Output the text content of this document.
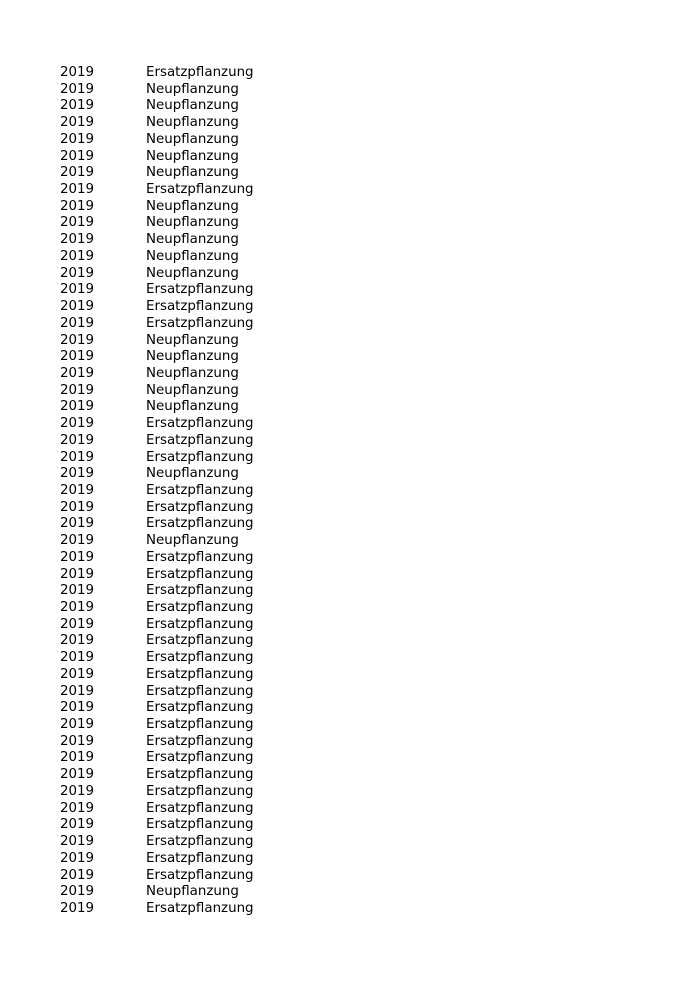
2019	Ersatzpflanzung
2019	Neupflanzung
2019	Neupflanzung
2019	Neupflanzung
2019	Neupflanzung
2019	Neupflanzung
2019	Neupflanzung
2019	Ersatzpflanzung
2019	Neupflanzung
2019	Neupflanzung
2019	Neupflanzung
2019	Neupflanzung
2019	Neupflanzung
2019	Ersatzpflanzung
2019	Ersatzpflanzung
2019	Ersatzpflanzung
2019	Neupflanzung
2019	Neupflanzung
2019	Neupflanzung
2019	Neupflanzung
2019	Neupflanzung
2019	Ersatzpflanzung
2019	Ersatzpflanzung
2019	Ersatzpflanzung
2019	Neupflanzung
2019	Ersatzpflanzung
2019	Ersatzpflanzung
2019	Ersatzpflanzung
2019	Neupflanzung
2019	Ersatzpflanzung
2019	Ersatzpflanzung
2019	Ersatzpflanzung
2019	Ersatzpflanzung
2019	Ersatzpflanzung
2019	Ersatzpflanzung
2019	Ersatzpflanzung
2019	Ersatzpflanzung
2019	Ersatzpflanzung
2019	Ersatzpflanzung
2019	Ersatzpflanzung
2019	Ersatzpflanzung
2019	Ersatzpflanzung
2019	Ersatzpflanzung
2019	Ersatzpflanzung
2019	Ersatzpflanzung
2019	Ersatzpflanzung
2019	Ersatzpflanzung
2019	Ersatzpflanzung
2019	Ersatzpflanzung
2019	Neupflanzung
2019	Ersatzpflanzung
